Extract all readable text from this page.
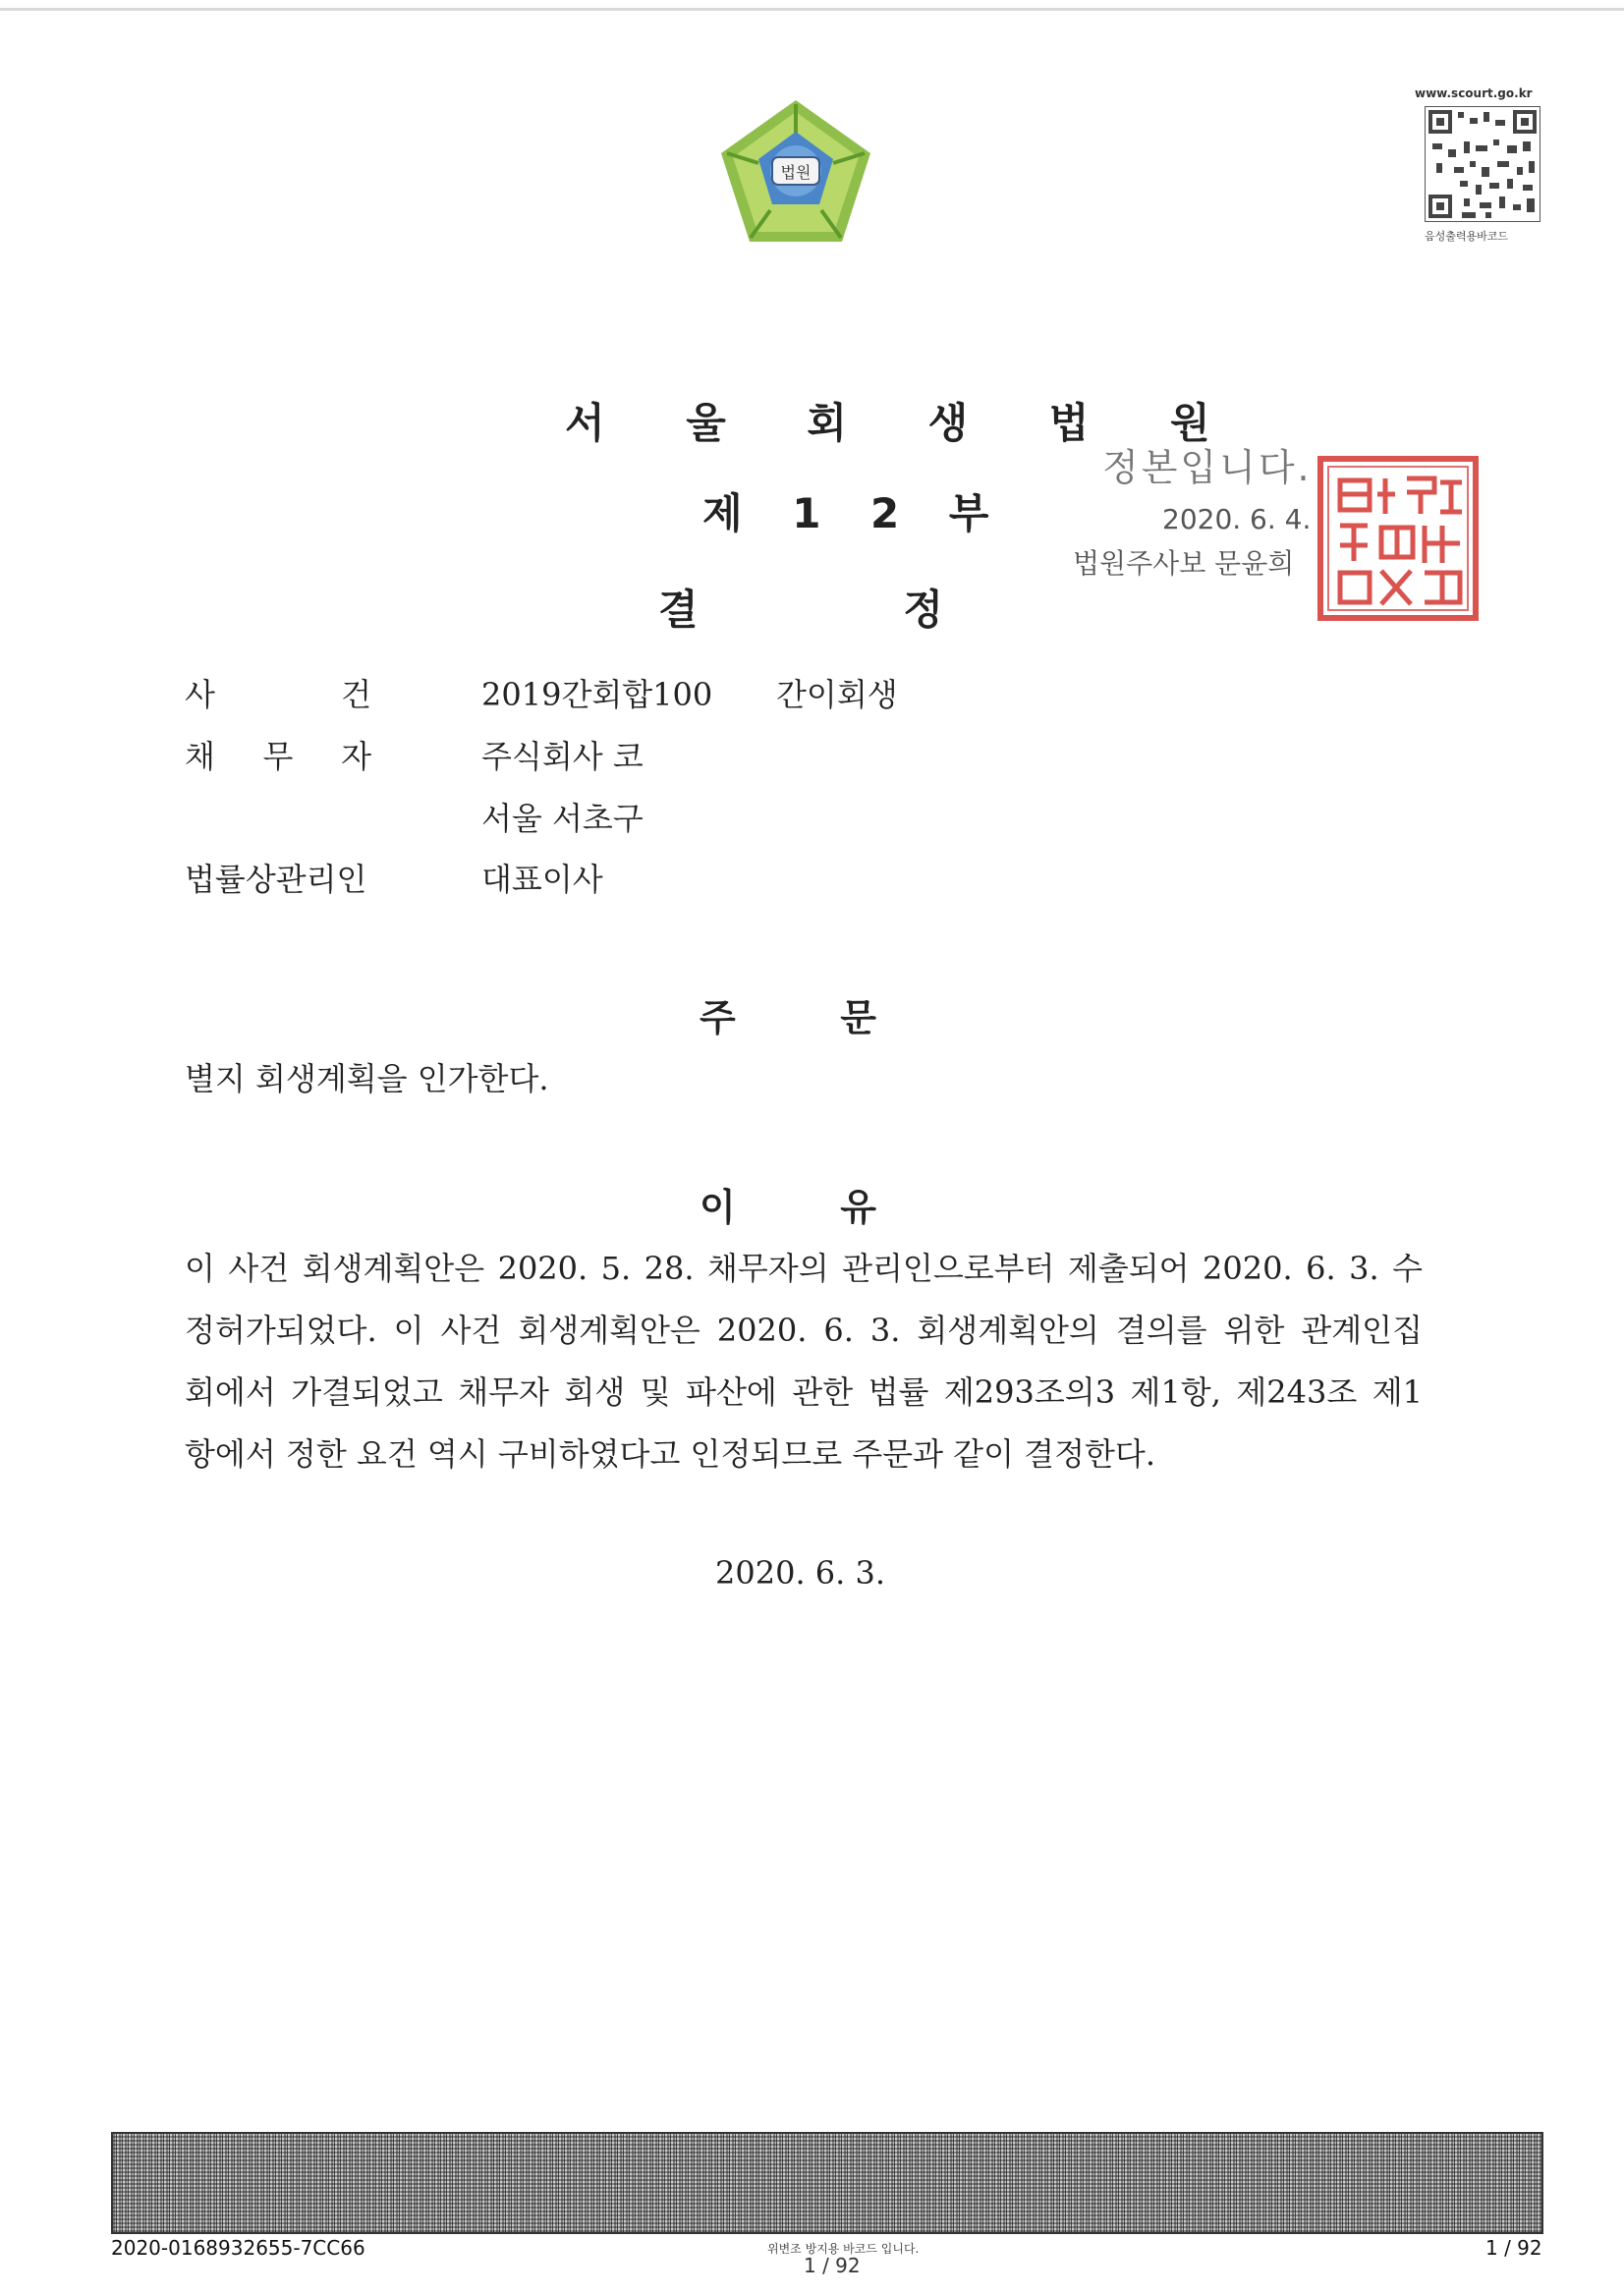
법원
www.scourt.go.kr
음성출력용바코드
서 울 회 생 법 원
제 1 2 부
결	정
정본입니다.
2020. 6. 4.
법원주사보 문윤희
사	건	2019간회합100 간이회생
채 무 자	주식회사 코
서울 서초구
법률상관리인	대표이사
주	문
별지 회생계획을 인가한다.
이	유

이 사건 회생계획안은 2020. 5. 28. 채무자의 관리인으로부터 제출되어 2020. 6. 3. 수

정허가되었다. 이 사건 회생계획안은 2020. 6. 3. 회생계획안의 결의를 위한 관계인집

회에서 가결되었고 채무자 회생 및 파산에 관한 법률 제293조의3 제1항, 제243조 제1

항에서 정한 요건 역시 구비하였다고 인정되므로 주문과 같이 결정한다.

2020. 6. 3.
2020-0168932655-7CC66	위변조 방지용 바코드 입니다.
1 / 92
1 / 92
